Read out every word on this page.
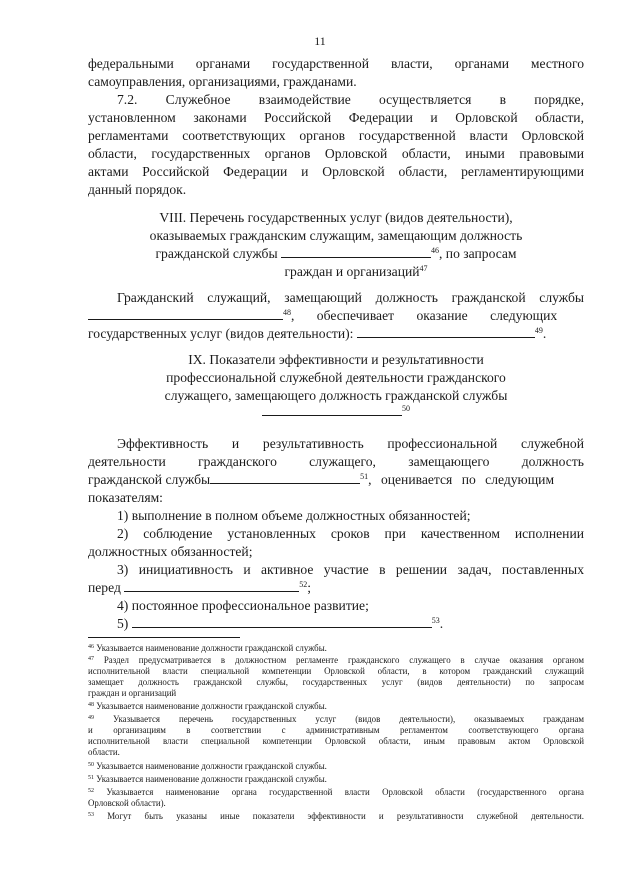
11
федеральными органами государственной власти, органами местного
самоуправления, организациями, гражданами.
7.2. Служебное взаимодействие осуществляется в порядке,
установленном законами Российской Федерации и Орловской области,
регламентами соответствующих органов государственной власти Орловской
области, государственных органов Орловской области, иными правовыми
актами Российской Федерации и Орловской области, регламентирующими
данный порядок.
VIII. Перечень государственных услуг (видов деятельности),
оказываемых гражданским служащим, замещающим должность
гражданской службы	$^{46}$, по запросам
граждан и организаций$^{47}$
Гражданский служащий, замещающий должность гражданской службы
$^{48}$, обеспечивает оказание следующих
государственных услуг (видов деятельности):	$^{49}$.
IX. Показатели эффективности и результативности
профессиональной служебной деятельности гражданского
служащего, замещающего должность гражданской службы
$^{50}$
Эффективность и результативность профессиональной служебной
деятельности гражданского служащего, замещающего должность
гражданской службы	$^{51}$, оценивается по следующим
показателям:
1) выполнение в полном объеме должностных обязанностей;
2) соблюдение установленных сроков при качественном исполнении
должностных обязанностей;
3) инициативность и активное участие в решении задач, поставленных
перед	$^{52}$;
4) постоянное профессиональное развитие;
5)	$^{53}$.
$^{46}$ Указывается наименование должности гражданской службы.
$^{47}$ Раздел предусматривается в должностном регламенте гражданского служащего в случае оказания органом
исполнительной власти специальной компетенции Орловской области, в котором гражданский служащий
замещает должность гражданской службы, государственных услуг (видов деятельности) по запросам
граждан и организаций
$^{48}$ Указывается наименование должности гражданской службы.
$^{49}$ Указывается перечень государственных услуг (видов деятельности), оказываемых гражданам
и организациям в соответствии с административным регламентом соответствующего органа
исполнительной власти специальной компетенции Орловской области, иным правовым актом Орловской
области.
$^{50}$ Указывается наименование должности гражданской службы.
$^{51}$ Указывается наименование должности гражданской службы.
$^{52}$ Указывается наименование органа государственной власти Орловской области (государственного органа
Орловской области).
$^{53}$ Могут быть указаны иные показатели эффективности и результативности служебной деятельности.
